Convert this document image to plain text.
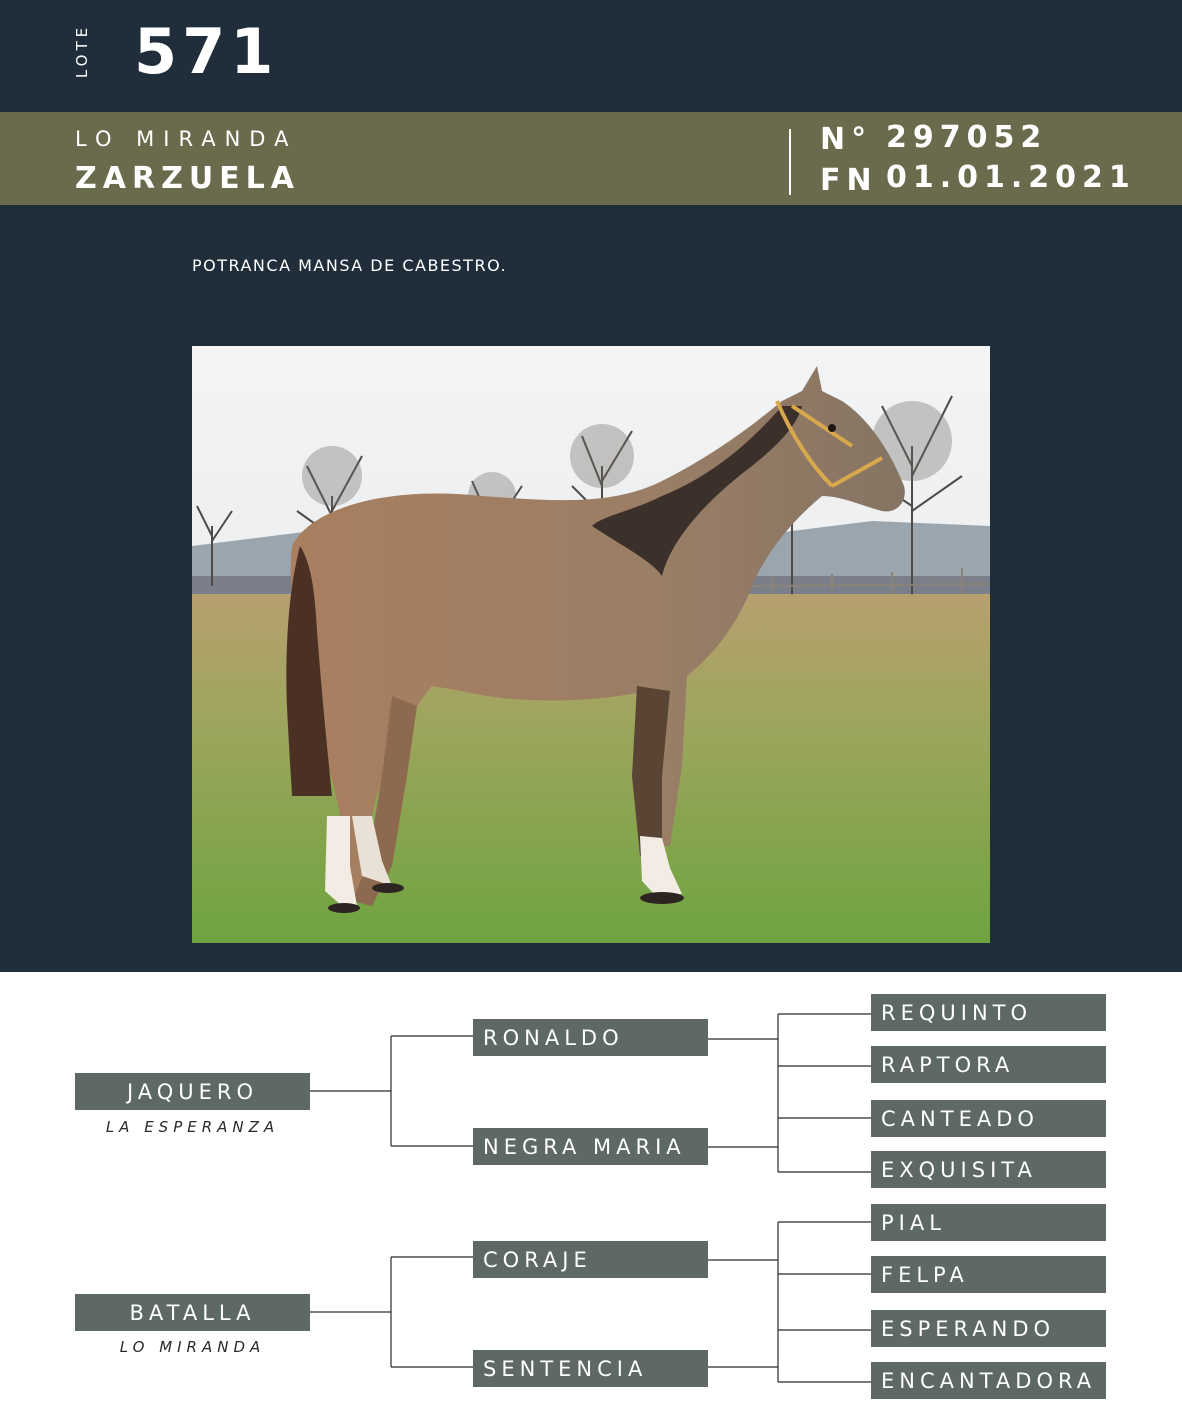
LOTE 571
LO MIRANDA
ZARZUELA
N° 297052
FN 01.01.2021
POTRANCA MANSA DE CABESTRO.
JAQUERO
LA ESPERANZA
BATALLA
LO MIRANDA
RONALDO
NEGRA MARIA
CORAJE
SENTENCIA
REQUINTO
RAPTORA
CANTEADO
EXQUISITA
PIAL
FELPA
ESPERANDO
ENCANTADORA
